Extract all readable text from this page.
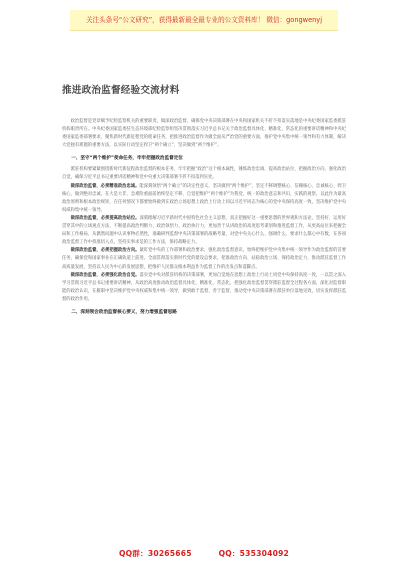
关注头条号“公文研究”，获得最新最全最专业的公文资料库！ 微信：gongwenyj
推进政治监督经验交流材料

政治监督是党章赋予纪检监察机关的重要职责。做深政治监督，确保党中央决策部署在中央和国家机关不折不扣落实落地是中央纪委国家监委派驻机构职责所在。中央纪委国家监委驻生态环境部纪检监察组坚决贯彻落实习近平总书记关于政治监督具体化、精准化、常态化的重要讲话精神和中央纪委国家监委部署要求，聚焦新时代新征程党的使命任务，把推进政治监督作为做全面从严治党的重要方面，推护党中央集中统一领导和有力体制，解决大党独有难题的重要方法，以实际行动坚定捍卫“两个确立”，坚决做到“两个维护”。

一、坚守“两个维护”使命任务，牢牢把握政治监督定位

派驻机构要紧紧围绕新时代新征程政治监督的根本任务，牢牢把握“政治”这个根本属性，锤炼政治忠诚、提高政治站位、把握政治方向、强化政治自觉，确保习近平总书记重要讲话精神和党中央重大决策部署不折不扣落到实处。

做深政治监督，必须精准政治忠诚。能深刻领悟“两个确立”的决定性意义，坚决做到“两个维护”，坚定不移调整核心、信赖核心、忠诚核心、捍卫核心，做到绝对忠诚。在大是大非、急难险重面前始终坚定不移，自觉把维护“两个维护”为我党，统一的政治意志和共识，实践的观察，以此作为最高政治原则和根本政治规矩，在任何情况下都要始终做到在政治立场思想上政治上行动上同以习近平同志为核心的党中央保持高度一致，坚决维护党中央权威和集中统一领导。

做深政治监督，必须提高政治站位。深刻理解习近平新时代中国特色社会主义思想，真正把握好这一重要思想的世界观和方法论，坚持好、运用好贯穿其中的立场观点方法，不断提高政治判断力、政治领悟力、政治执行力，更加善于从讲政治的高度思考谋划和推进监督工作，从更高站位来把握全局和工作格局，从偶然问题中认识事物必然性，准确研判监督中央决策部署的战略考量，对党中央关心什么、强调什么、要求什么都心中有数，在各项政治监督工作中找准切入点，坚持实事求是的工作方法，保持战略定力。

做深政治监督，必须把握政治方向。紧盯党中央的工作部署和政治要求，强化政治监督意识，始终把维护党中央集中统一领导作为政治监督的首要任务，确保党和国家事业在正确轨道上前进。全面贯彻落实新时代党的建设总要求，把准政治方向、站稳政治立场、保持政治定力，推动派驻监督工作高质量发展，坚持以人民为中心的发展思想，把维护人民群众根本利益作为监督工作的出发点和落脚点。

做深政治监督，必须强化政治自觉。落实党中央对派驻机构的决策部署，更加自觉地在思想上政治上行动上同党中央保持高度一致，一以贯之深入学习贯彻习近平总书记重要讲话精神，从政治高度推动政治监督具体化、精准化、常态化，把强化政治监督贯穿派驻监督全过程各方面，深化对监督职能的政治认识，在履职中坚决维护党中央权威和集中统一领导，做到敢于监督、善于监督，推动党中央决策部署在派驻单位落地见效，切实发挥派驻监督的政治作用。

二、深刻领会政治监督核心要义，努力增强监督思路
QQ群：30265665	QQ：535304092
